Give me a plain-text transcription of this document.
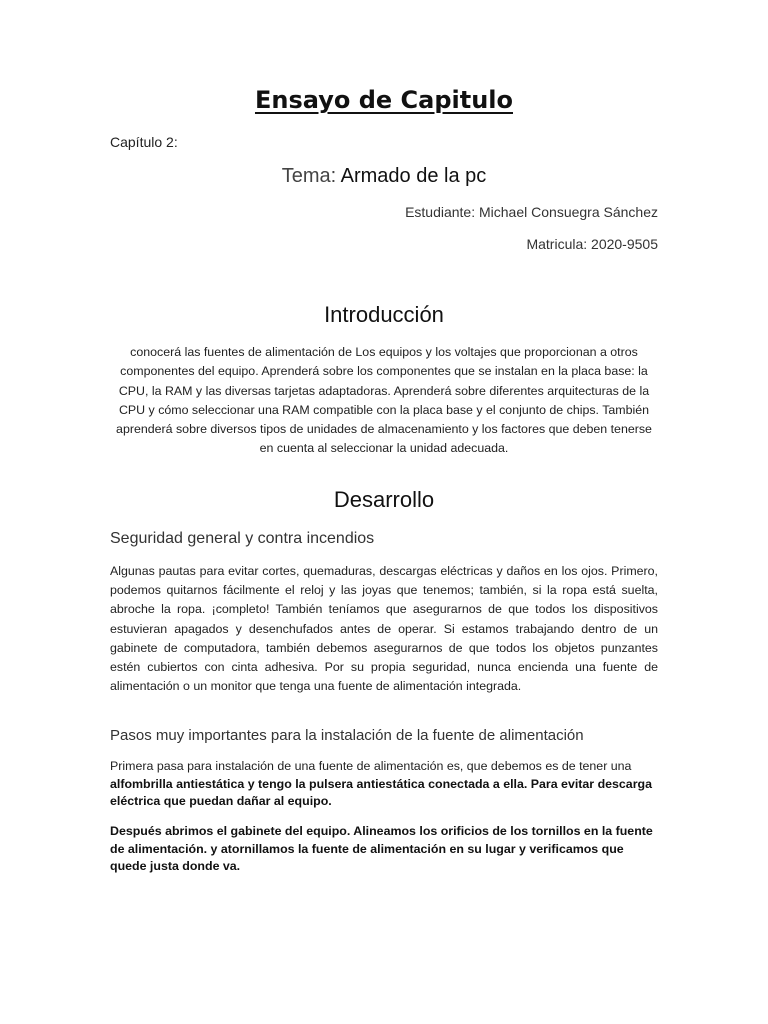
Ensayo de Capitulo
Capítulo 2:
Tema: Armado de la pc
Estudiante: Michael Consuegra Sánchez
Matricula: 2020-9505
Introducción

conocerá las fuentes de alimentación de Los equipos y los voltajes que proporcionan a otros componentes del equipo. Aprenderá sobre los componentes que se instalan en la placa base: la CPU, la RAM y las diversas tarjetas adaptadoras. Aprenderá sobre diferentes arquitecturas de la CPU y cómo seleccionar una RAM compatible con la placa base y el conjunto de chips. También aprenderá sobre diversos tipos de unidades de almacenamiento y los factores que deben tenerse en cuenta al seleccionar la unidad adecuada.

Desarrollo
Seguridad general y contra incendios

Algunas pautas para evitar cortes, quemaduras, descargas eléctricas y daños en los ojos. Primero, podemos quitarnos fácilmente el reloj y las joyas que tenemos; también, si la ropa está suelta, abroche la ropa. ¡completo! También teníamos que asegurarnos de que todos los dispositivos estuvieran apagados y desenchufados antes de operar. Si estamos trabajando dentro de un gabinete de computadora, también debemos asegurarnos de que todos los objetos punzantes estén cubiertos con cinta adhesiva. Por su propia seguridad, nunca encienda una fuente de alimentación o un monitor que tenga una fuente de alimentación integrada.

Pasos muy importantes para la instalación de la fuente de alimentación

Primera pasa para instalación de una fuente de alimentación es, que debemos es de tener una alfombrilla antiestática y tengo la pulsera antiestática conectada a ella. Para evitar descarga eléctrica que puedan dañar al equipo.

Después abrimos el gabinete del equipo. Alineamos los orificios de los tornillos en la fuente de alimentación. y atornillamos la fuente de alimentación en su lugar y verificamos que quede justa donde va.
